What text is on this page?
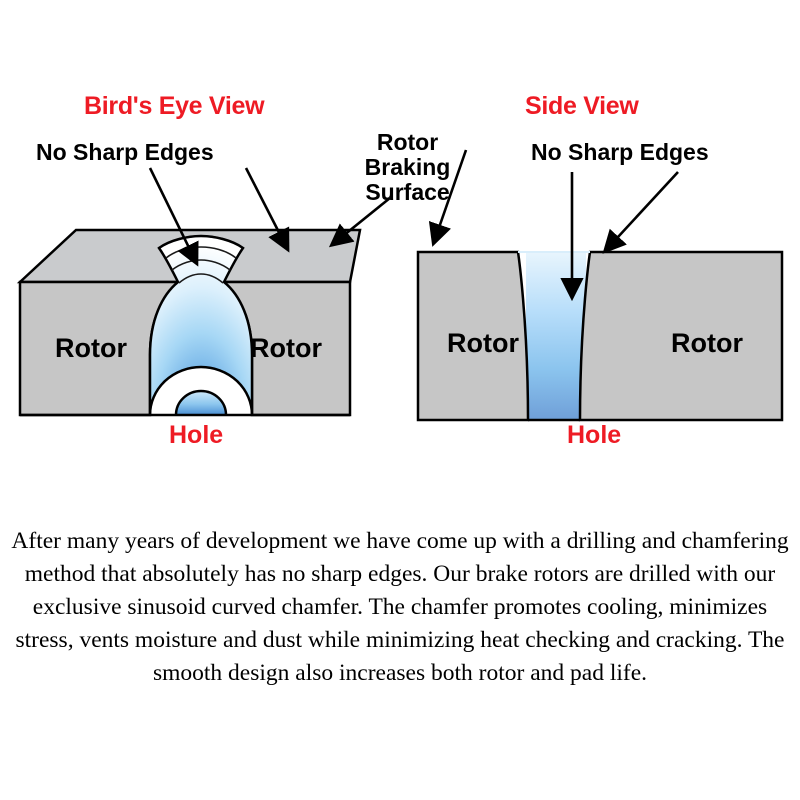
Bird's Eye View	Side View
No Sharp Edges	Rotor
Braking
Surface
No Sharp Edges
Rotor	Rotor
Hole
Rotor	Rotor
Hole
After many years of development we have come up with a drilling and chamfering method that absolutely has no sharp edges. Our brake rotors are drilled with our exclusive sinusoid curved chamfer. The chamfer promotes cooling, minimizes stress, vents moisture and dust while minimizing heat checking and cracking. The smooth design also increases both rotor and pad life.
